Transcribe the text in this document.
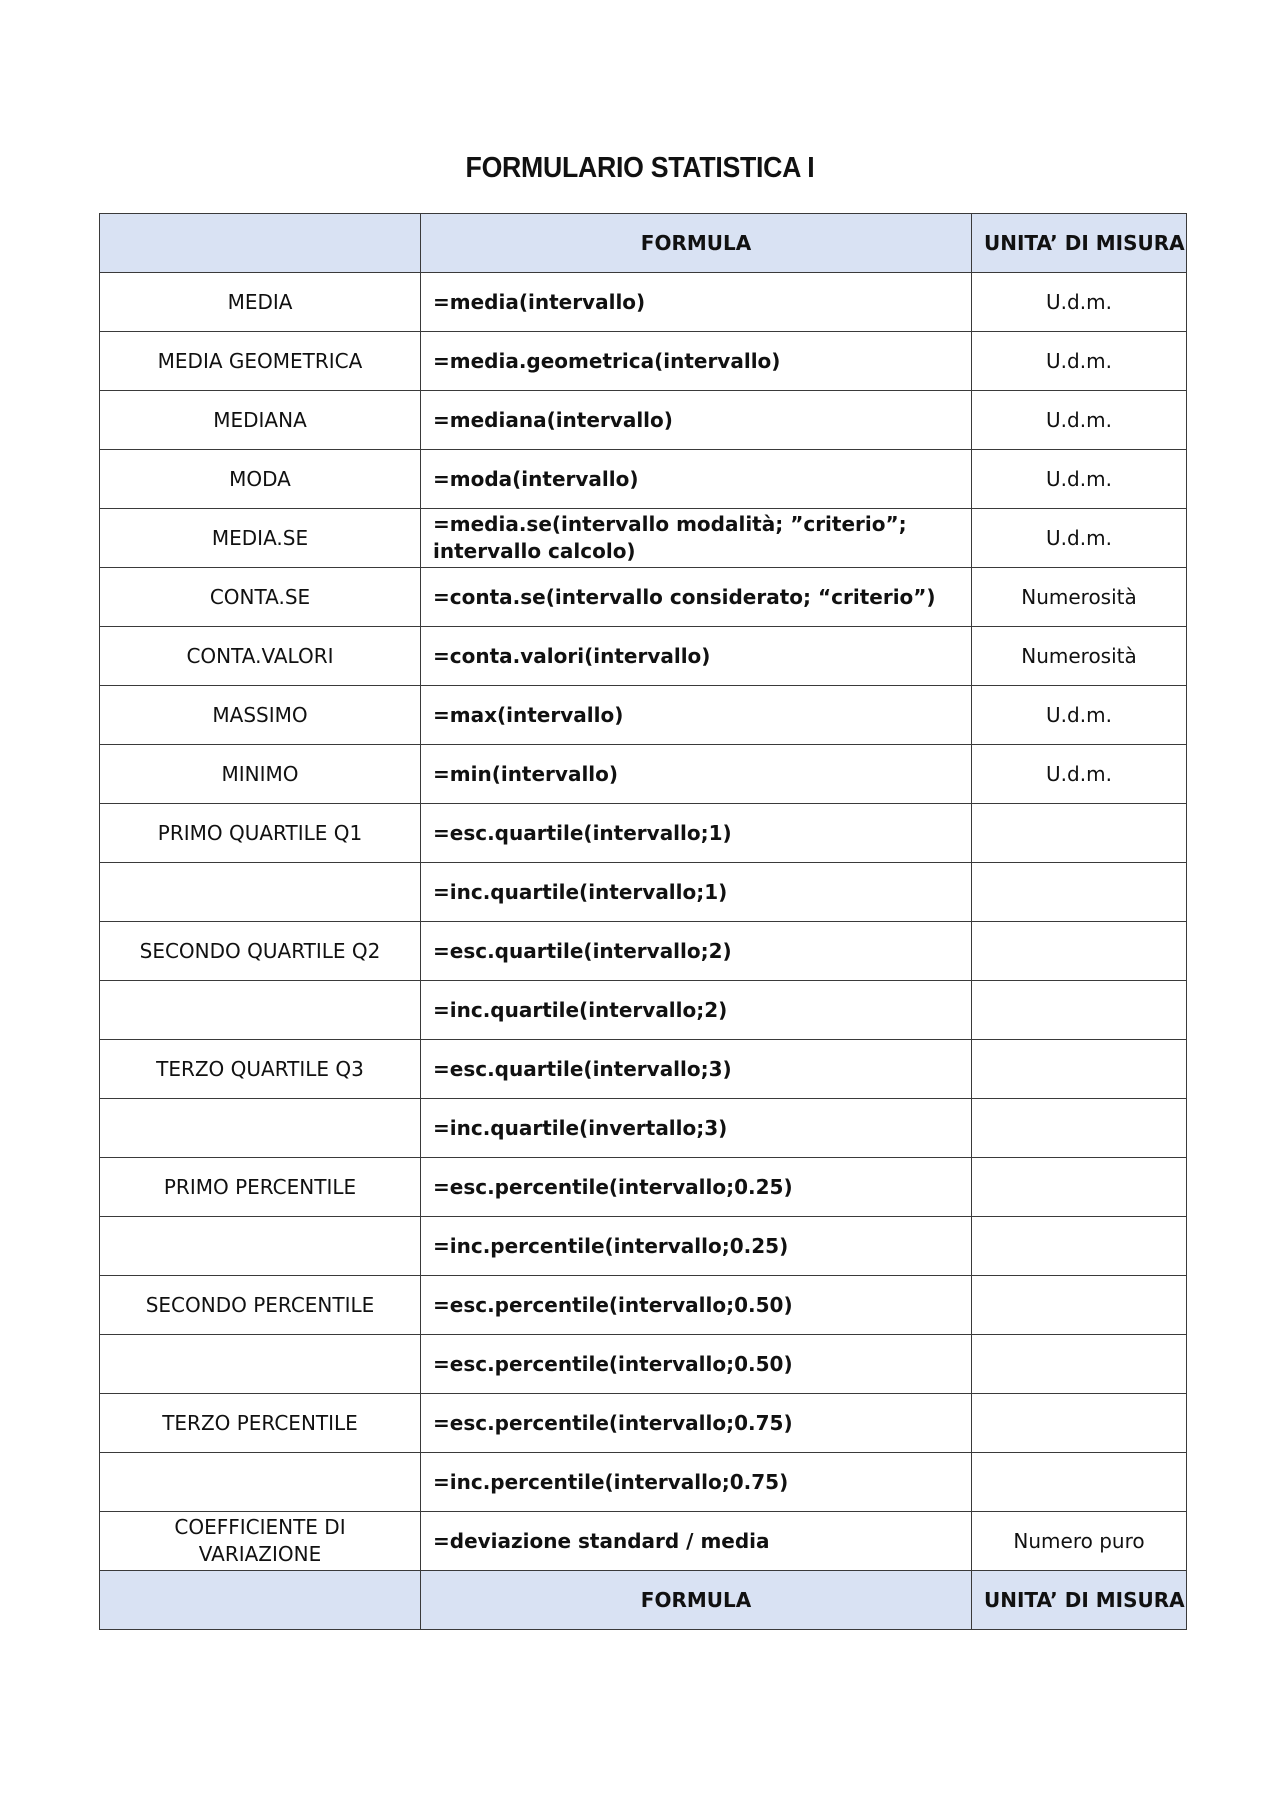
FORMULARIO STATISTICA I
	FORMULA	UNITA’ DI MISURA
MEDIA	=media(intervallo)	U.d.m.
MEDIA GEOMETRICA	=media.geometrica(intervallo)	U.d.m.
MEDIANA	=mediana(intervallo)	U.d.m.
MODA	=moda(intervallo)	U.d.m.
MEDIA.SE	=media.se(intervallo modalità; ”criterio”; intervallo calcolo)	U.d.m.
CONTA.SE	=conta.se(intervallo considerato; “criterio”)	Numerosità
CONTA.VALORI	=conta.valori(intervallo)	Numerosità
MASSIMO	=max(intervallo)	U.d.m.
MINIMO	=min(intervallo)	U.d.m.
PRIMO QUARTILE Q1	=esc.quartile(intervallo;1)	
	=inc.quartile(intervallo;1)	
SECONDO QUARTILE Q2	=esc.quartile(intervallo;2)	
	=inc.quartile(intervallo;2)	
TERZO QUARTILE Q3	=esc.quartile(intervallo;3)	
	=inc.quartile(invertallo;3)	
PRIMO PERCENTILE	=esc.percentile(intervallo;0.25)	
	=inc.percentile(intervallo;0.25)	
SECONDO PERCENTILE	=esc.percentile(intervallo;0.50)	
	=esc.percentile(intervallo;0.50)	
TERZO PERCENTILE	=esc.percentile(intervallo;0.75)	
	=inc.percentile(intervallo;0.75)	
COEFFICIENTE DI VARIAZIONE	=deviazione standard / media	Numero puro
	FORMULA	UNITA’ DI MISURA
